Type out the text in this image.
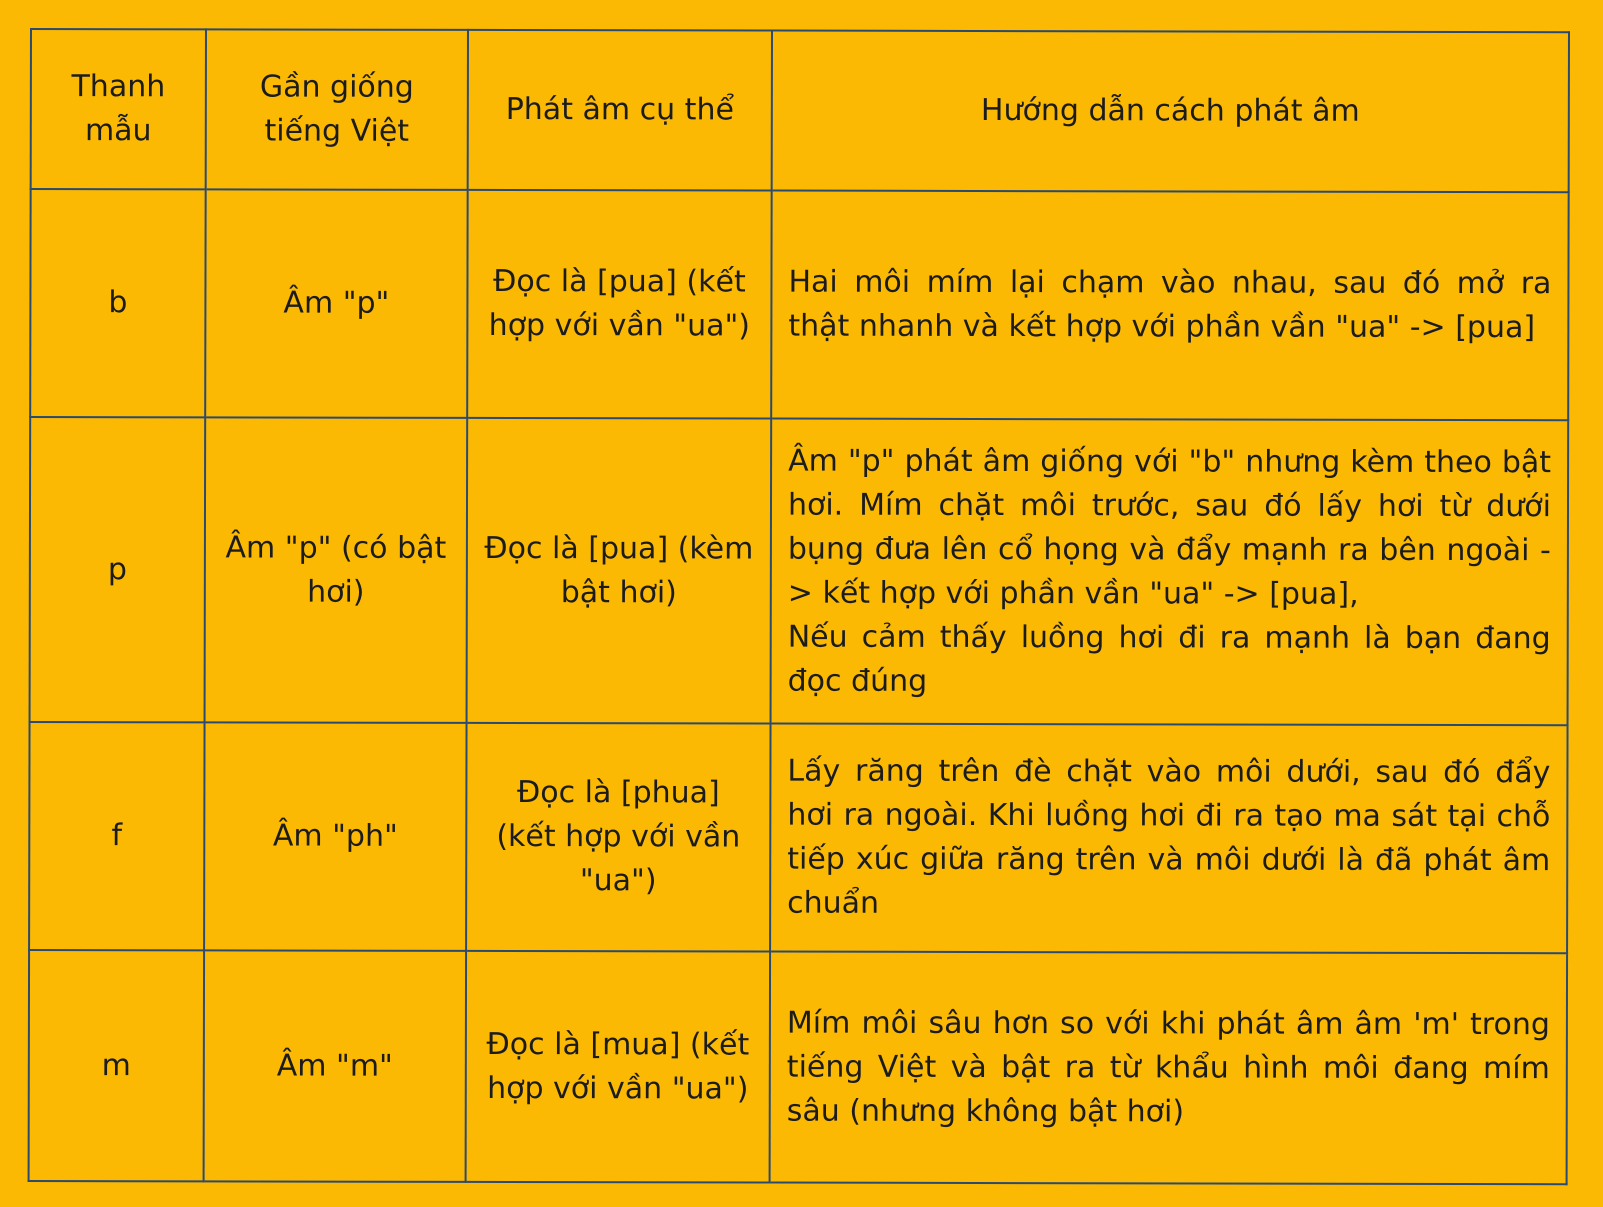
Thanh mẫu	Gần giống tiếng Việt	Phát âm cụ thể	Hướng dẫn cách phát âm
b	Âm "p"	Đọc là [pua] (kết hợp với vần "ua")	Hai môi mím lại chạm vào nhau, sau đó mở ra thật nhanh và kết hợp với phần vần "ua" -> [pua]

p	Âm "p" (có bật hơi)	Đọc là [pua] (kèm bật hơi)	Âm "p" phát âm giống với "b" nhưng kèm theo bật hơi. Mím chặt môi trước, sau đó lấy hơi từ dưới bụng đưa lên cổ họng và đẩy mạnh ra bên ngoài -> kết hợp với phần vần "ua" -> [pua],
Nếu cảm thấy luồng hơi đi ra mạnh là bạn đang đọc đúng

f	Âm "ph"	Đọc là [phua] (kết hợp với vần "ua")	Lấy răng trên đè chặt vào môi dưới, sau đó đẩy hơi ra ngoài. Khi luồng hơi đi ra tạo ma sát tại chỗ tiếp xúc giữa răng trên và môi dưới là đã phát âm chuẩn

m	Âm "m"	Đọc là [mua] (kết hợp với vần "ua")	Mím môi sâu hơn so với khi phát âm âm 'm' trong tiếng Việt và bật ra từ khẩu hình môi đang mím sâu (nhưng không bật hơi)
